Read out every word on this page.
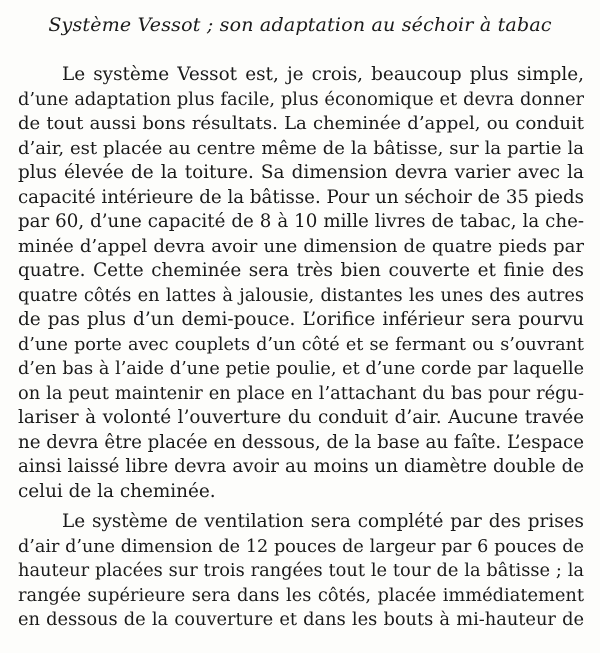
Système Vessot ; son adaptation au séchoir à tabac
Le système Vessot est, je crois, beaucoup plus simple,
d’une adaptation plus facile, plus économique et devra donner
de tout aussi bons résultats. La cheminée d’appel, ou conduit
d’air, est placée au centre même de la bâtisse, sur la partie la
plus élevée de la toiture. Sa dimension devra varier avec la
capacité intérieure de la bâtisse. Pour un séchoir de 35 pieds
par 60, d’une capacité de 8 à 10 mille livres de tabac, la che-
minée d’appel devra avoir une dimension de quatre pieds par
quatre. Cette cheminée sera très bien couverte et finie des
quatre côtés en lattes à jalousie, distantes les unes des autres
de pas plus d’un demi-pouce. L’orifice inférieur sera pourvu
d’une porte avec couplets d’un côté et se fermant ou s’ouvrant
d’en bas à l’aide d’une petie poulie, et d’une corde par laquelle
on la peut maintenir en place en l’attachant du bas pour régu-
lariser à volonté l’ouverture du conduit d’air. Aucune travée
ne devra être placée en dessous, de la base au faîte. L’espace
ainsi laissé libre devra avoir au moins un diamètre double de
celui de la cheminée.
Le système de ventilation sera complété par des prises
d’air d’une dimension de 12 pouces de largeur par 6 pouces de
hauteur placées sur trois rangées tout le tour de la bâtisse ; la
rangée supérieure sera dans les côtés, placée immédiatement
en dessous de la couverture et dans les bouts à mi-hauteur de
